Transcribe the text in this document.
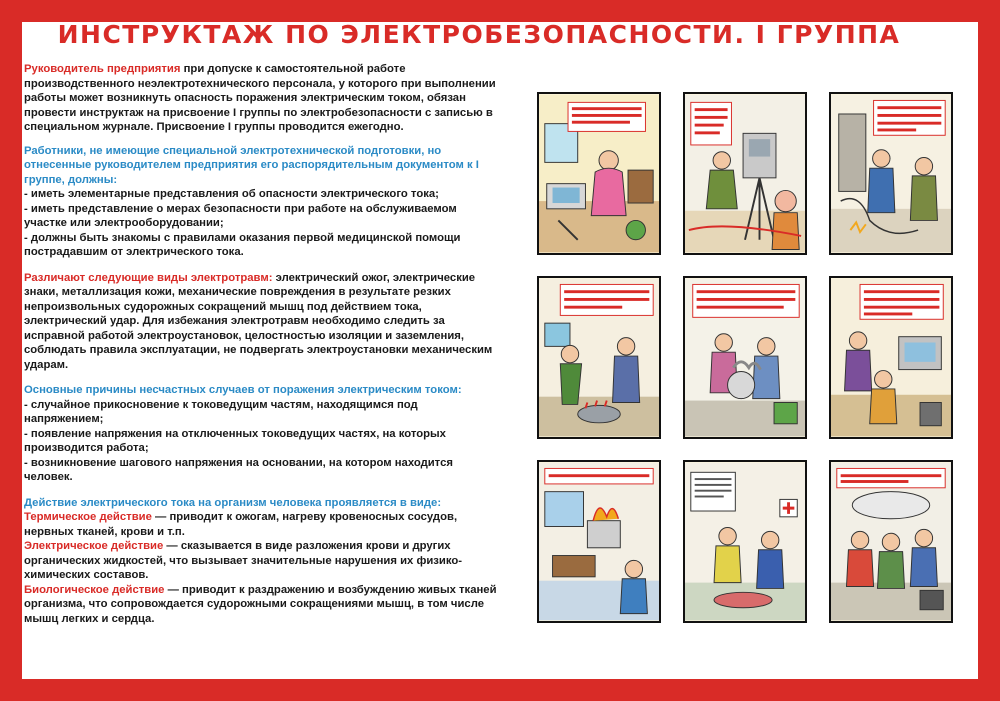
ИНСТРУКТАЖ ПО ЭЛЕКТРОБЕЗОПАСНОСТИ. I ГРУППА
Руководитель предприятия при допуске к самостоятельной работе производственного неэлектротехнического персонала, у которого при выполнении работы может возникнуть опасность поражения электрическим током, обязан провести инструктаж на присвоение I группы по электробезопасности с записью в специальном журнале. Присвоение I группы проводится ежегодно.
Работники, не имеющие специальной электротехнической подготовки, но отнесенные руководителем предприятия его распорядительным документом к I группе, должны:
- иметь элементарные представления об опасности электрического тока;
- иметь представление о мерах безопасности при работе на обслуживаемом участке или электрооборудовании;
- должны быть знакомы с правилами оказания первой медицинской помощи пострадавшим от электрического тока.
Различают следующие виды электротравм: электрический ожог, электрические знаки, металлизация кожи, механические повреждения в результате резких непроизвольных судорожных сокращений мышц под действием тока, электрический удар. Для избежания электротравм необходимо следить за исправной работой электроустановок, целостностью изоляции и заземления, соблюдать правила эксплуатации, не подвергать электроустановки механическим ударам.
Основные причины несчастных случаев от поражения электрическим током:
- случайное прикосновение к токоведущим частям, находящимся под напряжением;
- появление напряжения на отключенных токоведущих частях, на которых производится работа;
- возникновение шагового напряжения на основании, на котором находится человек.
Действие электрического тока на организм человека проявляется в виде:
Термическое действие — приводит к ожогам, нагреву кровеносных сосудов, нервных тканей, крови и т.п.
Электрическое действие — сказывается в виде разложения крови и других органических жидкостей, что вызывает значительные нарушения их физико-химических составов.
Биологическое действие — приводит к раздражению и возбуждению живых тканей организма, что сопровождается судорожными сокращениями мышц, в том числе мышц легких и сердца.
